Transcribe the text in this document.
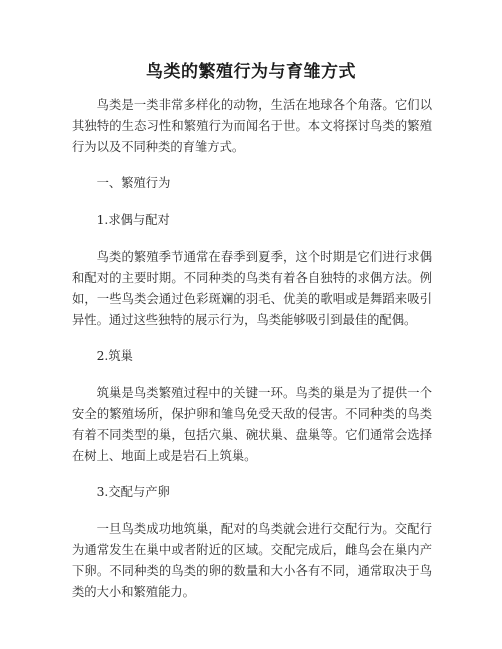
鸟类的繁殖行为与育雏方式

鸟类是一类非常多样化的动物，生活在地球各个角落。它们以其独特的生态习性和繁殖行为而闻名于世。本文将探讨鸟类的繁殖行为以及不同种类的育雏方式。

一、繁殖行为

1.求偶与配对

鸟类的繁殖季节通常在春季到夏季，这个时期是它们进行求偶和配对的主要时期。不同种类的鸟类有着各自独特的求偶方法。例如，一些鸟类会通过色彩斑斓的羽毛、优美的歌唱或是舞蹈来吸引异性。通过这些独特的展示行为，鸟类能够吸引到最佳的配偶。

2.筑巢

筑巢是鸟类繁殖过程中的关键一环。鸟类的巢是为了提供一个安全的繁殖场所，保护卵和雏鸟免受天敌的侵害。不同种类的鸟类有着不同类型的巢，包括穴巢、碗状巢、盘巢等。它们通常会选择在树上、地面上或是岩石上筑巢。

3.交配与产卵

一旦鸟类成功地筑巢，配对的鸟类就会进行交配行为。交配行为通常发生在巢中或者附近的区域。交配完成后，雌鸟会在巢内产下卵。不同种类的鸟类的卵的数量和大小各有不同，通常取决于鸟类的大小和繁殖能力。
